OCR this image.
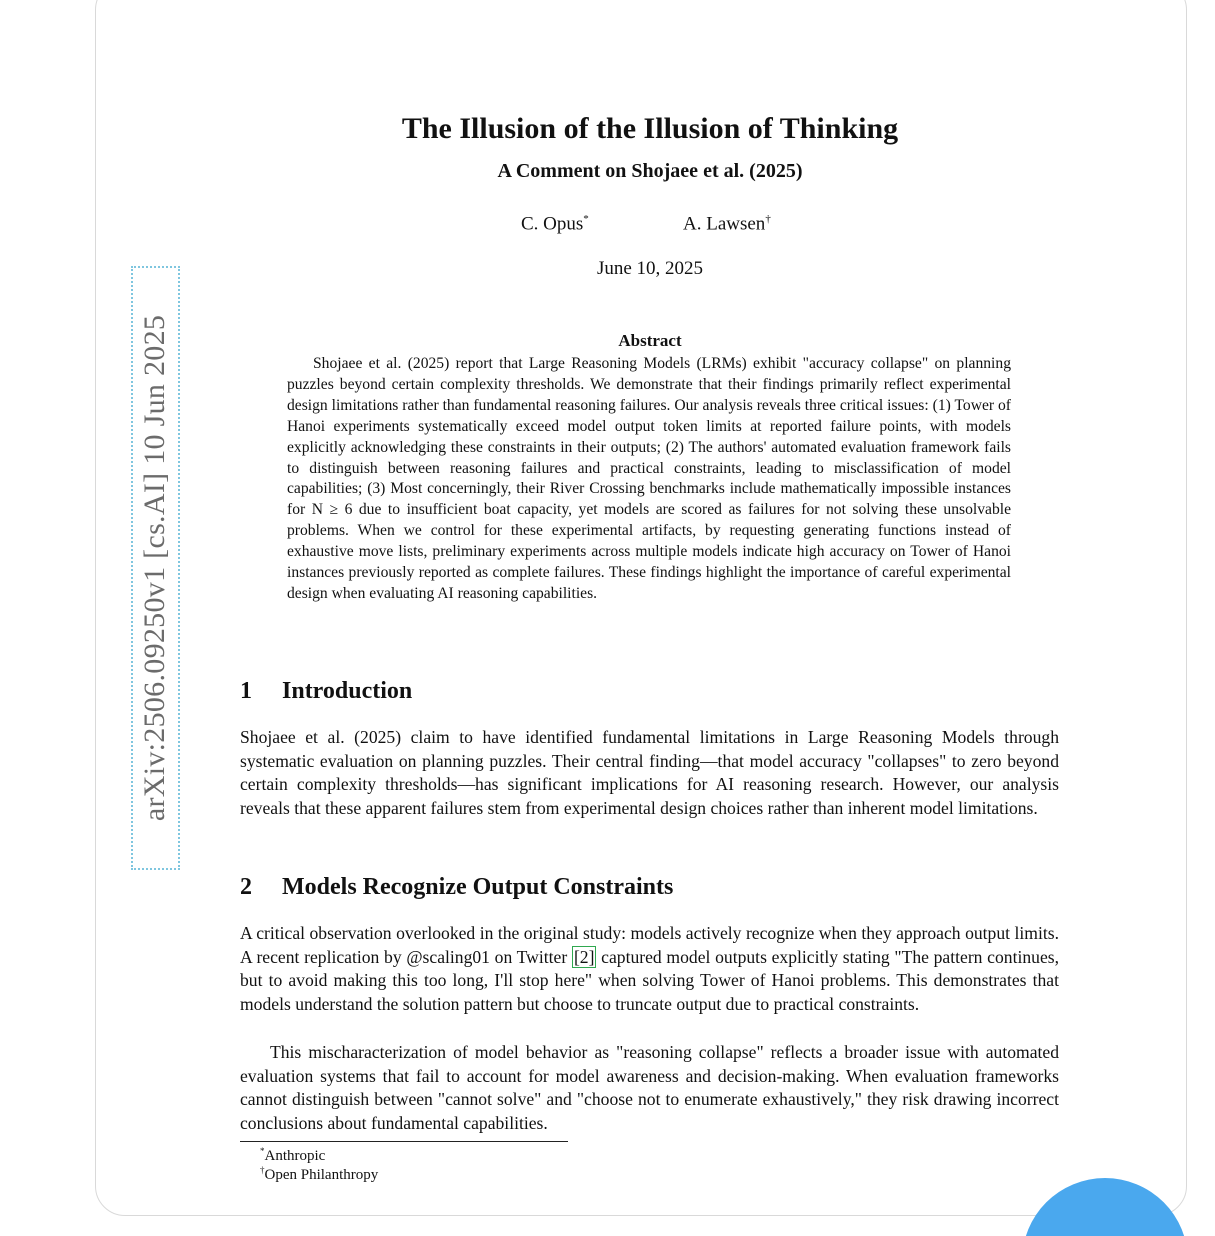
arXiv:2506.09250v1 [cs.AI] 10 Jun 2025
The Illusion of the Illusion of Thinking
A Comment on Shojaee et al. (2025)
C. Opus*	A. Lawsen†
June 10, 2025
Abstract

Shojaee et al. (2025) report that Large Reasoning Models (LRMs) exhibit "accuracy collapse" on planning puzzles beyond certain complexity thresholds. We demonstrate that their findings primarily reflect experimental design limitations rather than fundamental reasoning failures. Our analysis reveals three critical issues: (1) Tower of Hanoi experiments systematically exceed model output token limits at reported failure points, with models explicitly acknowledging these constraints in their outputs; (2) The authors' automated evaluation framework fails to distinguish between reasoning failures and practical constraints, leading to misclassification of model capabilities; (3) Most concerningly, their River Crossing benchmarks include mathematically impossible instances for N ≥ 6 due to insufficient boat capacity, yet models are scored as failures for not solving these unsolvable problems. When we control for these experimental artifacts, by requesting generating functions instead of exhaustive move lists, preliminary experiments across multiple models indicate high accuracy on Tower of Hanoi instances previously reported as complete failures. These findings highlight the importance of careful experimental design when evaluating AI reasoning capabilities.

1 Introduction

Shojaee et al. (2025) claim to have identified fundamental limitations in Large Reasoning Models through systematic evaluation on planning puzzles. Their central finding—that model accuracy "collapses" to zero beyond certain complexity thresholds—has significant implications for AI reasoning research. However, our analysis reveals that these apparent failures stem from experimental design choices rather than inherent model limitations.

2 Models Recognize Output Constraints

A critical observation overlooked in the original study: models actively recognize when they approach output limits. A recent replication by @scaling01 on Twitter [2] captured model outputs explicitly stating "The pattern continues, but to avoid making this too long, I'll stop here" when solving Tower of Hanoi problems. This demonstrates that models understand the solution pattern but choose to truncate output due to practical constraints.

This mischaracterization of model behavior as "reasoning collapse" reflects a broader issue with automated evaluation systems that fail to account for model awareness and decision-making. When evaluation frameworks cannot distinguish between "cannot solve" and "choose not to enumerate exhaustively," they risk drawing incorrect conclusions about fundamental capabilities.

*Anthropic
†Open Philanthropy
